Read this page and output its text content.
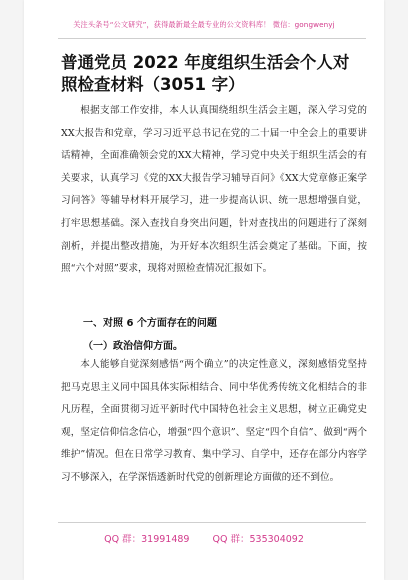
关注头条号“公文研究”，获得最新最全最专业的公文资料库！ 微信：gongwenyj
普通党员 2022 年度组织生活会个人对照检查材料（3051 字）

根据支部工作安排，本人认真围绕组织生活会主题，深入学习党的XX大报告和党章，学习习近平总书记在党的二十届一中全会上的重要讲话精神，全面准确领会党的XX大精神，学习党中央关于组织生活会的有关要求，认真学习《党的XX大报告学习辅导百问》《XX大党章修正案学习问答》等辅导材料开展学习，进一步提高认识、统一思想增强自觉，打牢思想基础。深入查找自身突出问题，针对查找出的问题进行了深刻剖析，并提出整改措施，为开好本次组织生活会奠定了基础。下面，按照“六个对照”要求，现将对照检查情况汇报如下。

一、对照 6 个方面存在的问题
（一）政治信仰方面。

本人能够自觉深刻感悟“两个确立”的决定性意义，深刻感悟党坚持把马克思主义同中国具体实际相结合、同中华优秀传统文化相结合的非凡历程，全面贯彻习近平新时代中国特色社会主义思想，树立正确党史观，坚定信仰信念信心，增强“四个意识”、坚定“四个自信”、做到“两个维护”情况。但在日常学习教育、集中学习、自学中，还存在部分内容学习不够深入，在学深悟透新时代党的创新理论方面做的还不到位。

QQ 群：31991489 QQ 群：535304092
